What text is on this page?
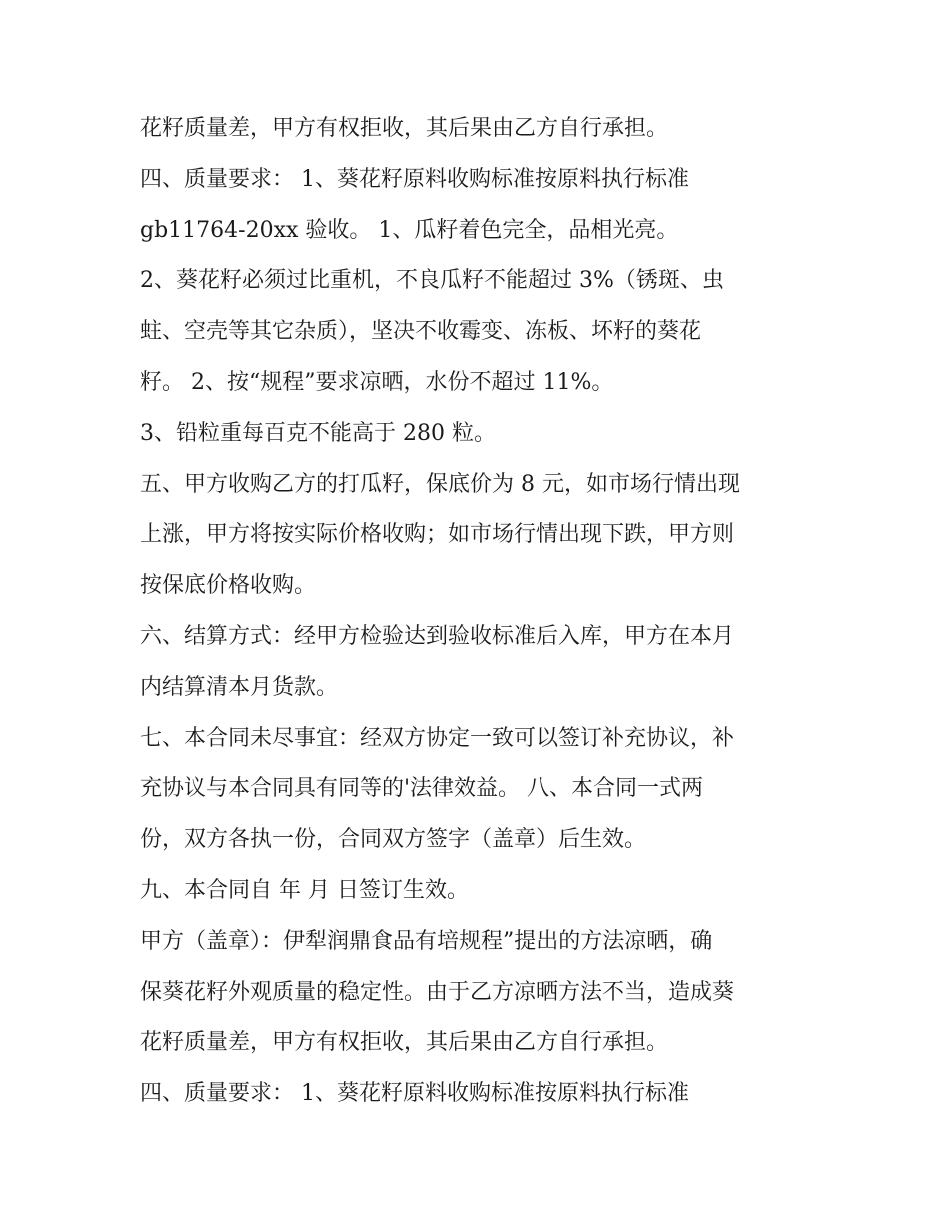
花籽质量差，甲方有权拒收，其后果由乙方自行承担。
四、质量要求： 1、葵花籽原料收购标准按原料执行标准
gb11764-20xx 验收。 1、瓜籽着色完全，品相光亮。
2、葵花籽必须过比重机，不良瓜籽不能超过 3%（锈斑、虫
蛀、空壳等其它杂质），坚决不收霉变、冻板、坏籽的葵花
籽。 2、按“规程”要求凉晒，水份不超过 11%。
3、铅粒重每百克不能高于 280 粒。
五、甲方收购乙方的打瓜籽，保底价为 8 元，如市场行情出现
上涨，甲方将按实际价格收购；如市场行情出现下跌，甲方则
按保底价格收购。
六、结算方式：经甲方检验达到验收标准后入库，甲方在本月
内结算清本月货款。
七、本合同未尽事宜：经双方协定一致可以签订补充协议，补
充协议与本合同具有同等的'法律效益。 八、本合同一式两
份，双方各执一份，合同双方签字（盖章）后生效。
九、本合同自 年 月 日签订生效。
甲方（盖章）：伊犁润鼎食品有培规程”提出的方法凉晒，确
保葵花籽外观质量的稳定性。由于乙方凉晒方法不当，造成葵
花籽质量差，甲方有权拒收，其后果由乙方自行承担。
四、质量要求： 1、葵花籽原料收购标准按原料执行标准
